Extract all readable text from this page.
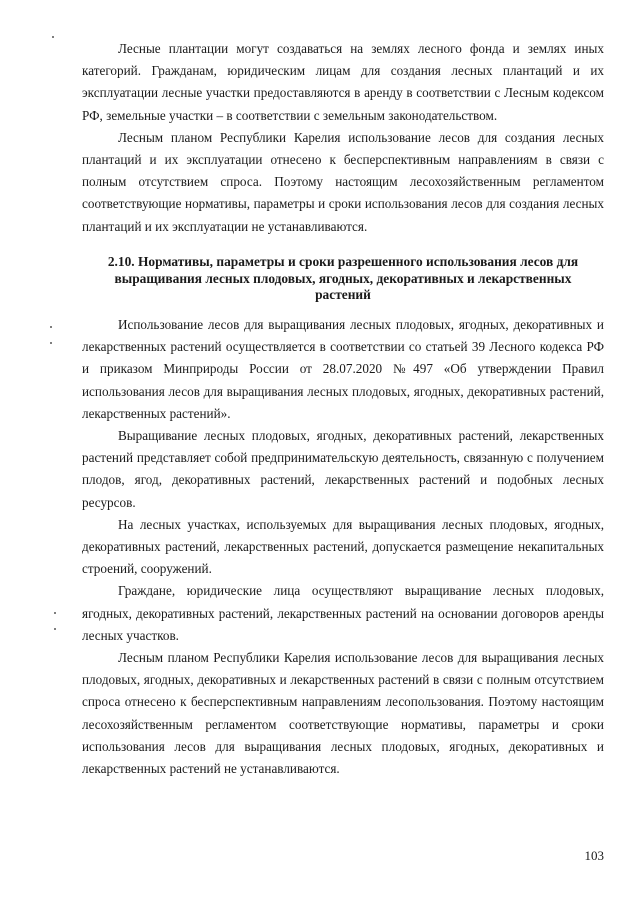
Лесные плантации могут создаваться на землях лесного фонда и землях иных категорий. Гражданам, юридическим лицам для создания лесных плантаций и их эксплуатации лесные участки предоставляются в аренду в соответствии с Лесным кодексом РФ, земельные участки – в соответствии с земельным законодательством.

Лесным планом Республики Карелия использование лесов для создания лесных плантаций и их эксплуатации отнесено к бесперспективным направлениям в связи с полным отсутствием спроса. Поэтому настоящим лесохозяйственным регламентом соответствующие нормативы, параметры и сроки использования лесов для создания лесных плантаций и их эксплуатации не устанавливаются.

2.10. Нормативы, параметры и сроки разрешенного использования лесов для выращивания лесных плодовых, ягодных, декоративных и лекарственных растений

Использование лесов для выращивания лесных плодовых, ягодных, декоративных и лекарственных растений осуществляется в соответствии со статьей 39 Лесного кодекса РФ и приказом Минприроды России от 28.07.2020 №497 «Об утверждении Правил использования лесов для выращивания лесных плодовых, ягодных, декоративных растений, лекарственных растений».

Выращивание лесных плодовых, ягодных, декоративных растений, лекарственных растений представляет собой предпринимательскую деятельность, связанную с получением плодов, ягод, декоративных растений, лекарственных растений и подобных лесных ресурсов.

На лесных участках, используемых для выращивания лесных плодовых, ягодных, декоративных растений, лекарственных растений, допускается размещение некапитальных строений, сооружений.

Граждане, юридические лица осуществляют выращивание лесных плодовых, ягодных, декоративных растений, лекарственных растений на основании договоров аренды лесных участков.

Лесным планом Республики Карелия использование лесов для выращивания лесных плодовых, ягодных, декоративных и лекарственных растений в связи с полным отсутствием спроса отнесено к бесперспективным направлениям лесопользования. Поэтому настоящим лесохозяйственным регламентом соответствующие нормативы, параметры и сроки использования лесов для выращивания лесных плодовых, ягодных, декоративных и лекарственных растений не устанавливаются.

103
